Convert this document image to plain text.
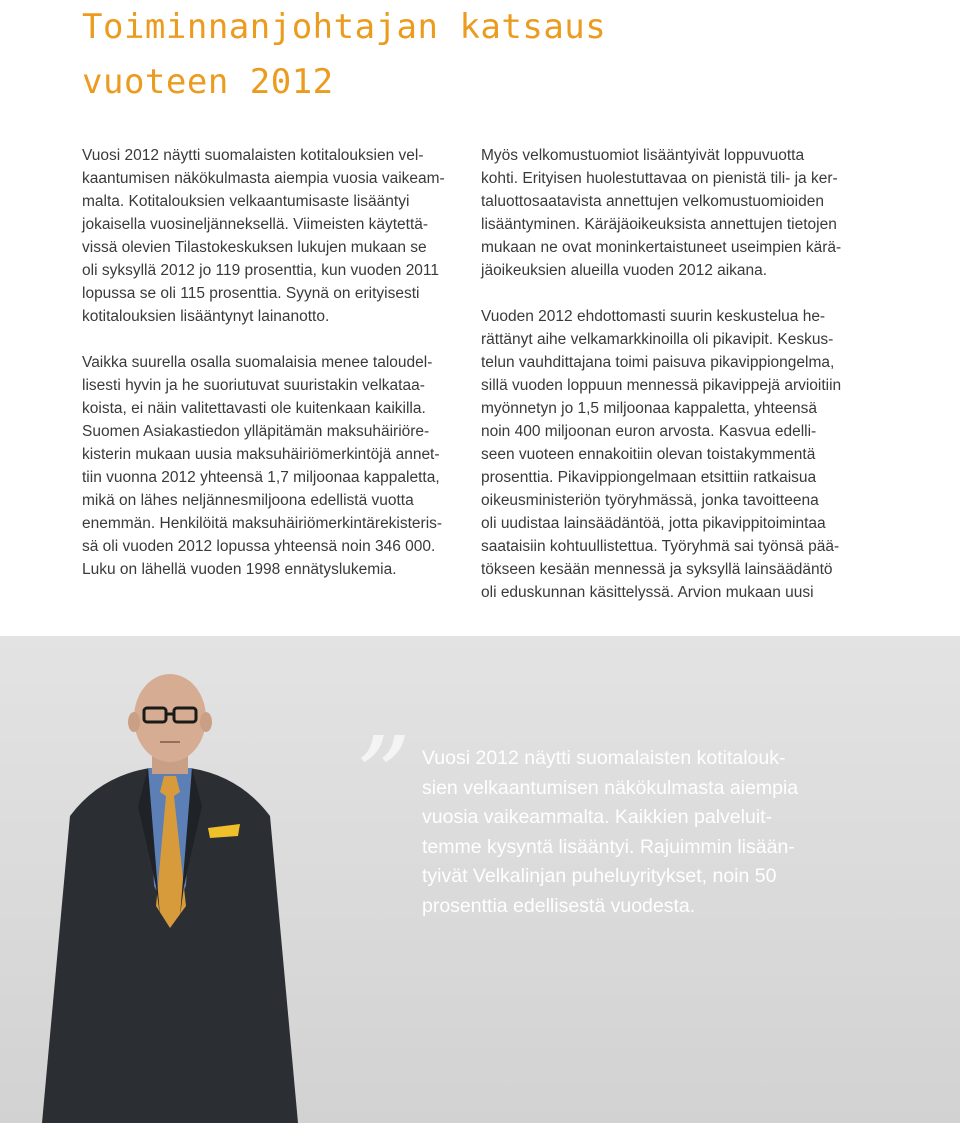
Toiminnanjohtajan katsaus
vuoteen 2012
Vuosi 2012 näytti suomalaisten kotitalouksien vel-
kaantumisen näkökulmasta aiempia vuosia vaikeam-
malta. Kotitalouksien velkaantumisaste lisääntyi
jokaisella vuosineljänneksellä. Viimeisten käytettä-
vissä olevien Tilastokeskuksen lukujen mukaan se
oli syksyllä 2012 jo 119 prosenttia, kun vuoden 2011
lopussa se oli 115 prosenttia. Syynä on erityisesti
kotitalouksien lisääntynyt lainanotto.
Vaikka suurella osalla suomalaisia menee taloudel-
lisesti hyvin ja he suoriutuvat suuristakin velkataa-
koista, ei näin valitettavasti ole kuitenkaan kaikilla.
Suomen Asiakastiedon ylläpitämän maksuhäiriöre-
kisterin mukaan uusia maksuhäiriömerkintöjä annet-
tiin vuonna 2012 yhteensä 1,7 miljoonaa kappaletta,
mikä on lähes neljännesmiljoona edellistä vuotta
enemmän. Henkilöitä maksuhäiriömerkintärekisteris-
sä oli vuoden 2012 lopussa yhteensä noin 346 000.
Luku on lähellä vuoden 1998 ennätyslukemia.
Myös velkomustuomiot lisääntyivät loppuvuotta
kohti. Erityisen huolestuttavaa on pienistä tili- ja ker-
taluottosaatavista annettujen velkomustuomioiden
lisääntyminen. Käräjäoikeuksista annettujen tietojen
mukaan ne ovat moninkertaistuneet useimpien kärä-
jäoikeuksien alueilla vuoden 2012 aikana.
Vuoden 2012 ehdottomasti suurin keskustelua he-
rättänyt aihe velkamarkkinoilla oli pikavipit. Keskus-
telun vauhdittajana toimi paisuva pikavippiongelma,
sillä vuoden loppuun mennessä pikavippejä arvioitiin
myönnetyn jo 1,5 miljoonaa kappaletta, yhteensä
noin 400 miljoonan euron arvosta. Kasvua edelli-
seen vuoteen ennakoitiin olevan toistakymmentä
prosenttia. Pikavippiongelmaan etsittiin ratkaisua
oikeusministeriön työryhmässä, jonka tavoitteena
oli uudistaa lainsäädäntöä, jotta pikavippitoimintaa
saataisiin kohtuullistettua. Työryhmä sai työnsä pää-
tökseen kesään mennessä ja syksyllä lainsäädäntö
oli eduskunnan käsittelyssä. Arvion mukaan uusi
” Vuosi 2012 näytti suomalaisten kotitalouk-
sien velkaantumisen näkökulmasta aiempia
vuosia vaikeammalta. Kaikkien palveluit-
temme kysyntä lisääntyi. Rajuimmin lisään-
tyivät Velkalinjan puheluyritykset, noin 50
prosenttia edellisestä vuodesta.
